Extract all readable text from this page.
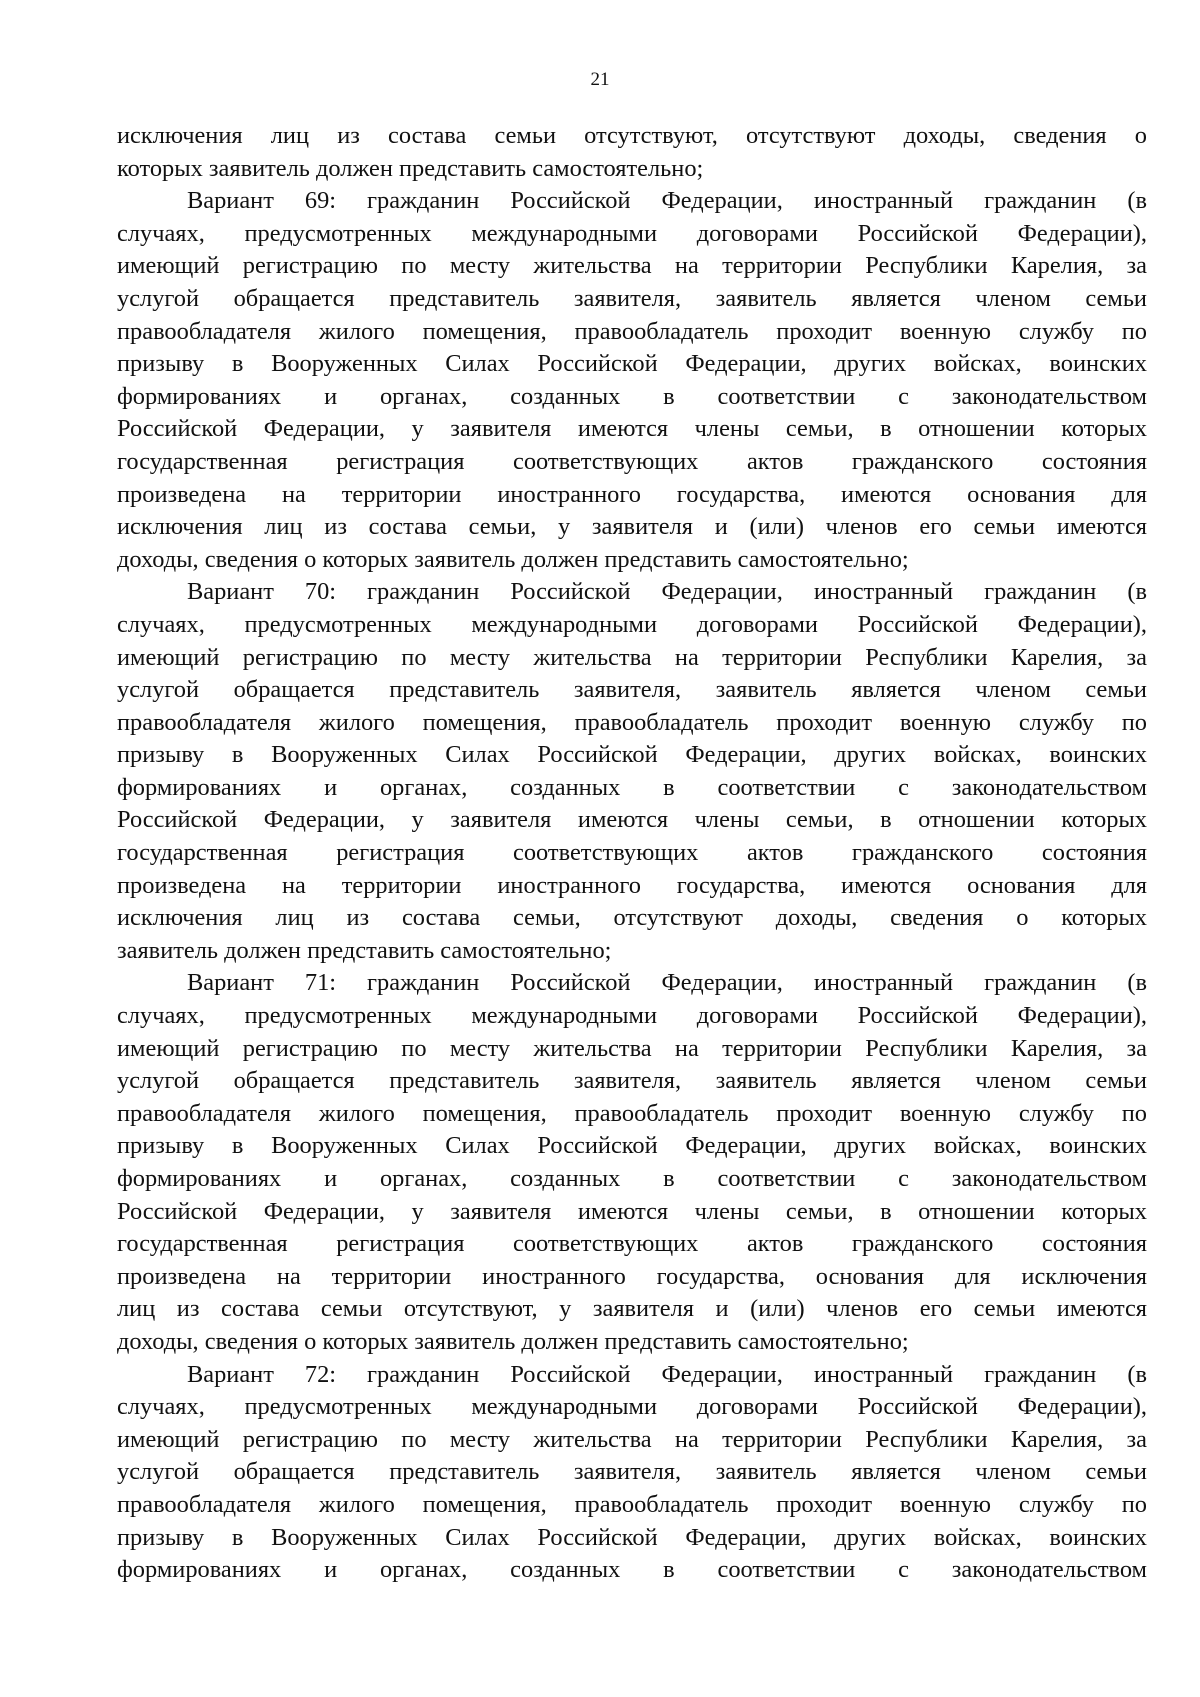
21
исключения лиц из состава семьи отсутствуют, отсутствуют доходы, сведения о
которых заявитель должен представить самостоятельно;
Вариант 69: гражданин Российской Федерации, иностранный гражданин (в
случаях, предусмотренных международными договорами Российской Федерации),
имеющий регистрацию по месту жительства на территории Республики Карелия, за
услугой обращается представитель заявителя, заявитель является членом семьи
правообладателя жилого помещения, правообладатель проходит военную службу по
призыву в Вооруженных Силах Российской Федерации, других войсках, воинских
формированиях и органах, созданных в соответствии с законодательством
Российской Федерации, у заявителя имеются члены семьи, в отношении которых
государственная регистрация соответствующих актов гражданского состояния
произведена на территории иностранного государства, имеются основания для
исключения лиц из состава семьи, у заявителя и (или) членов его семьи имеются
доходы, сведения о которых заявитель должен представить самостоятельно;
Вариант 70: гражданин Российской Федерации, иностранный гражданин (в
случаях, предусмотренных международными договорами Российской Федерации),
имеющий регистрацию по месту жительства на территории Республики Карелия, за
услугой обращается представитель заявителя, заявитель является членом семьи
правообладателя жилого помещения, правообладатель проходит военную службу по
призыву в Вооруженных Силах Российской Федерации, других войсках, воинских
формированиях и органах, созданных в соответствии с законодательством
Российской Федерации, у заявителя имеются члены семьи, в отношении которых
государственная регистрация соответствующих актов гражданского состояния
произведена на территории иностранного государства, имеются основания для
исключения лиц из состава семьи, отсутствуют доходы, сведения о которых
заявитель должен представить самостоятельно;
Вариант 71: гражданин Российской Федерации, иностранный гражданин (в
случаях, предусмотренных международными договорами Российской Федерации),
имеющий регистрацию по месту жительства на территории Республики Карелия, за
услугой обращается представитель заявителя, заявитель является членом семьи
правообладателя жилого помещения, правообладатель проходит военную службу по
призыву в Вооруженных Силах Российской Федерации, других войсках, воинских
формированиях и органах, созданных в соответствии с законодательством
Российской Федерации, у заявителя имеются члены семьи, в отношении которых
государственная регистрация соответствующих актов гражданского состояния
произведена на территории иностранного государства, основания для исключения
лиц из состава семьи отсутствуют, у заявителя и (или) членов его семьи имеются
доходы, сведения о которых заявитель должен представить самостоятельно;
Вариант 72: гражданин Российской Федерации, иностранный гражданин (в
случаях, предусмотренных международными договорами Российской Федерации),
имеющий регистрацию по месту жительства на территории Республики Карелия, за
услугой обращается представитель заявителя, заявитель является членом семьи
правообладателя жилого помещения, правообладатель проходит военную службу по
призыву в Вооруженных Силах Российской Федерации, других войсках, воинских
формированиях и органах, созданных в соответствии с законодательством
